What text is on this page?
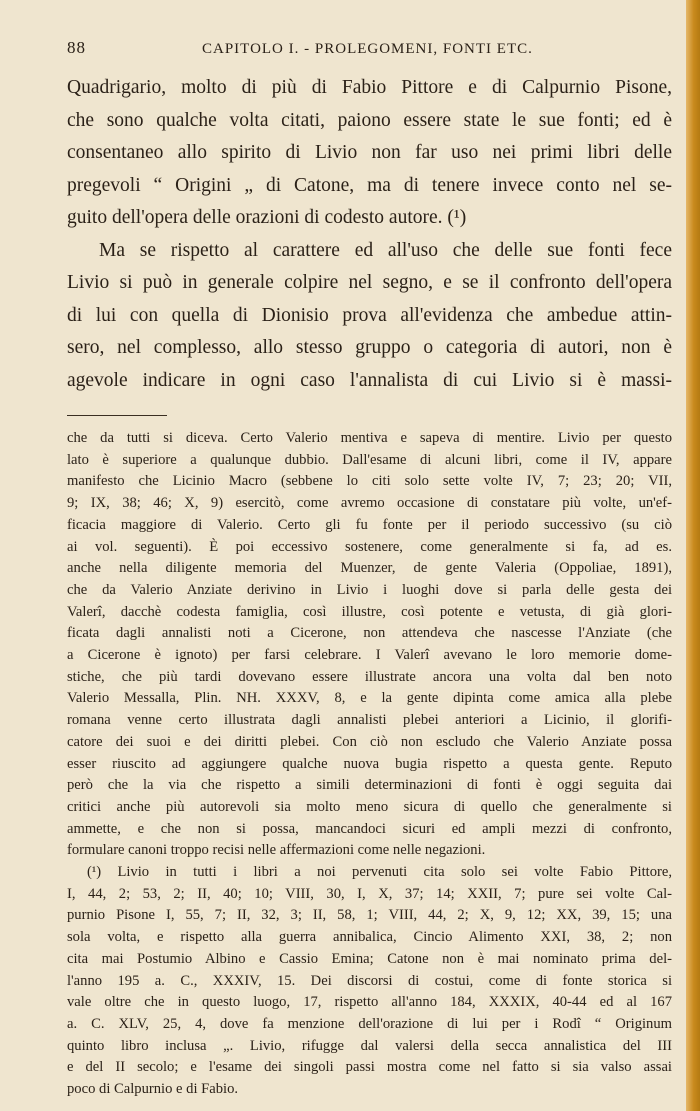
88	CAPITOLO I. - PROLEGOMENI, FONTI ETC.
Quadrigario, molto di più di Fabio Pittore e di Calpurnio Pisone,
che sono qualche volta citati, paiono essere state le sue fonti; ed è
consentaneo allo spirito di Livio non far uso nei primi libri delle
pregevoli “ Origini „ di Catone, ma di tenere invece conto nel se-
guito dell'opera delle orazioni di codesto autore. (¹)
Ma se rispetto al carattere ed all'uso che delle sue fonti fece
Livio si può in generale colpire nel segno, e se il confronto dell'opera
di lui con quella di Dionisio prova all'evidenza che ambedue attin-
sero, nel complesso, allo stesso gruppo o categoria di autori, non è
agevole indicare in ogni caso l'annalista di cui Livio si è massi-
che da tutti si diceva. Certo Valerio mentiva e sapeva di mentire. Livio per questo
lato è superiore a qualunque dubbio. Dall'esame di alcuni libri, come il IV, appare
manifesto che Licinio Macro (sebbene lo citi solo sette volte IV, 7; 23; 20; VII,
9; IX, 38; 46; X, 9) esercitò, come avremo occasione di constatare più volte, un'ef-
ficacia maggiore di Valerio. Certo gli fu fonte per il periodo successivo (su ciò
ai vol. seguenti). È poi eccessivo sostenere, come generalmente si fa, ad es.
anche nella diligente memoria del Muenzer, de gente Valeria (Oppoliae, 1891),
che da Valerio Anziate derivino in Livio i luoghi dove si parla delle gesta dei
Valerî, dacchè codesta famiglia, così illustre, così potente e vetusta, di già glori-
ficata dagli annalisti noti a Cicerone, non attendeva che nascesse l'Anziate (che
a Cicerone è ignoto) per farsi celebrare. I Valerî avevano le loro memorie dome-
stiche, che più tardi dovevano essere illustrate ancora una volta dal ben noto
Valerio Messalla, Plin. NH. XXXV, 8, e la gente dipinta come amica alla plebe
romana venne certo illustrata dagli annalisti plebei anteriori a Licinio, il glorifi-
catore dei suoi e dei diritti plebei. Con ciò non escludo che Valerio Anziate possa
esser riuscito ad aggiungere qualche nuova bugia rispetto a questa gente. Reputo
però che la via che rispetto a simili determinazioni di fonti è oggi seguita dai
critici anche più autorevoli sia molto meno sicura di quello che generalmente si
ammette, e che non si possa, mancandoci sicuri ed ampli mezzi di confronto,
formulare canoni troppo recisi nelle affermazioni come nelle negazioni.
(¹) Livio in tutti i libri a noi pervenuti cita solo sei volte Fabio Pittore,
I, 44, 2; 53, 2; II, 40; 10; VIII, 30, I, X, 37; 14; XXII, 7; pure sei volte Cal-
purnio Pisone I, 55, 7; II, 32, 3; II, 58, 1; VIII, 44, 2; X, 9, 12; XX, 39, 15; una
sola volta, e rispetto alla guerra annibalica, Cincio Alimento XXI, 38, 2; non
cita mai Postumio Albino e Cassio Emina; Catone non è mai nominato prima del-
l'anno 195 a. C., XXXIV, 15. Dei discorsi di costui, come di fonte storica si
vale oltre che in questo luogo, 17, rispetto all'anno 184, XXXIX, 40-44 ed al 167
a. C. XLV, 25, 4, dove fa menzione dell'orazione di lui per i Rodî “ Originum
quinto libro inclusa „. Livio, rifugge dal valersi della secca annalistica del III
e del II secolo; e l'esame dei singoli passi mostra come nel fatto si sia valso assai
poco di Calpurnio e di Fabio.
